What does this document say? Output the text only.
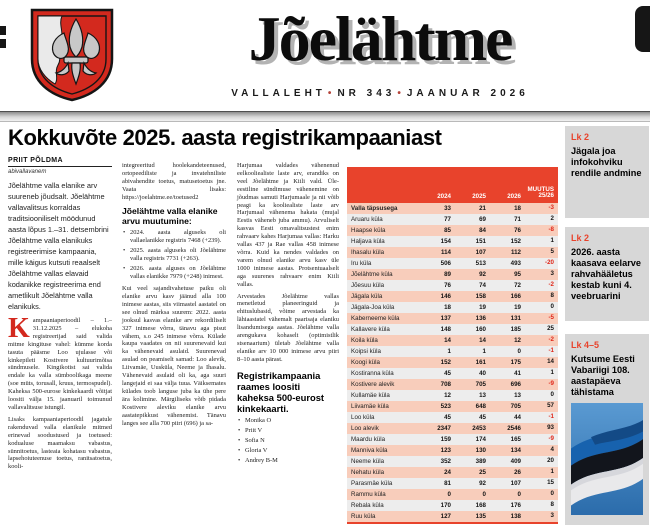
Jõelähtme
VALLALEHT • NR 343 • JAANUAR 2026
Kokkuvõte 2025. aasta registrikampaaniast
PRIIT PÕLDMA
abivallavanem

Jõelähtme valla elanike arv suureneb jõudsalt. Jõelähtme vallavalitsus korraldas traditsiooniliselt möödunud aasta lõpus 1.–31. detsembrini Jõelähtme valla elanikuks registreerimise kampaania, mille käigus kutsuti reaalselt Jõelähtme vallas elavaid kodanikke registreerima end ametlikult Jõelähtme valla elanikuks.

Kampaaniaperioodil – 1.–31.12.2025 – elukoha registreerijad said valida mitme kingituse vahel: kümme korda tasuta pääsme Loo ujulasse või kinkepileti Kostivere kultuurimõisa sündmusele. Kingikotist sai valida endale ka valla sümboolikaga meene (soe müts, torusall, kruus, termospudel). Kaheksa 500-eurose kinkekaardi võitjat loositi välja 15. jaanuaril toimunud vallavalitsuse istungil.

Lisaks kampaaniaperioodil jagatule rakenduvad valla elanikule mitmed erinevad soodustused ja toetused: kodualuse maamaksu vabastus, sünnitoetus, lasteaia kohatasu vabastus, lapsehoiuteenuse toetus, ranitsatoetus, kooli-

integreeritud hoolekandeteenused, ortopeediliste ja invatehniliste abivahendite toetus, matusetoetus jne. Vaata lisaks: https://joelahtme.ee/toetused2

Jõelähtme valla elanike arvu muutumine:
• 2024. aasta alguseks oli vallaelanikke registris 7468 (+239).
• 2025. aasta alguseks oli Jõelähtme valla registris 7731 (+263).
• 2026. aasta alguses on Jõelähtme vallas elanikke 7979 (+248) inimest.

Kui veel sajandivahetuse paiku oli elanike arvu kasv jäänud alla 100 inimese aastas, siis viimastel aastatel on see olnud märksa suurem: 2022. aasta jooksul kasvas elanike arv rekordiliselt 327 inimese võrra, tänavu aga pisut vähem, s.o 245 inimese võrra. Külade kaupa vaadates on nii suurenevaid kui ka vähenevaid asulaid. Suurenevad asulad on peamiselt samad: Loo alevik, Liivamäe, Uusküla, Neeme ja Ihasalu. Vähenevaid asulaid oli ka, aga suuri langejaid ei saa välja tuua. Väiksemates külades toob languse juba ka ühe pere ära kolimine. Märgiliseks võib pidada Kostivere aleviku elanike arvu aastatepikkust vähenemist. Tänavu langes see alla 700 piiri (696) ja sa-

Harjumaa valdades vähenenud eelkooliealiste laste arv, erandiks on veel Jõelähtme ja Kiili vald. Üle-eestiline sündimuse vähenemine on jõudmas samuti Harjumaale ja nii võib peagi ka kooliealiste laste arv Harjumaal vähenema hakata (mujal Eestis väheneb juba ammu). Arvuliselt kasvas Eesti omavalitsustest enim rahvaarv kahes Harjumaa vallas: Harku vallas 437 ja Rae vallas 458 inimese võrra. Kuid ka nendes valdades on varem olnud elanike arvu kasv üle 1000 inimese aastas. Protsentuaalselt aga suurenes rahvaarv enim Kiili vallas.

Arvestades Jõelähtme vallas menetletud planeeringuid ja ehituslubasid, võime arvestada ka lähiaastatel vähemalt paarisaja elaniku lisandumisega aastas. Jõelähtme valla arengukava kohaselt (optimistlik stsenaarium) ületab Jõelähtme valla elanike arv 10 000 inimese arvu piiri 8–10 aasta pärast.

Registrikampaania raames loositi kaheksa 500-eurost kinkekaarti.
• Monika O
• Priit V
• Sofia N
• Gloria V
• Andrey B-M
2024	2025	2026
MUUTUS 25/26
Valla täpsusega	33	21	18	-3
Aruaru küla	77	69	71	2
Haapse küla	85	84	76	-8
Haljava küla	154	151	152	1
Ihasalu küla	114	107	112	5
Iru küla	506	513	493	-20
Jõelähtme küla	89	92	95	3
Jõesuu küla	76	74	72	-2
Jägala küla	146	158	166	8
Jägala-Joa küla	18	19	19	0
Kaberneeme küla	137	136	131	-5
Kallavere küla	148	160	185	25
Koila küla	14	14	12	-2
Koipsi küla	1	1	0	-1
Koogi küla	152	161	175	14
Kostiranna küla	45	40	41	1
Kostivere alevik	708	705	696	-9
Kullamäe küla	12	13	13	0
Liivamäe küla	523	648	705	57
Loo küla	45	45	44	-1
Loo alevik	2347	2453	2546	93
Maardu küla	159	174	165	-9
Manniva küla	123	130	134	4
Neeme küla	352	389	409	20
Nehatu küla	24	25	26	1
Parasmäe küla	81	92	107	15
Rammu küla	0	0	0	0
Rebala küla	170	168	176	8
Ruu küla	127	135	138	3
Lk 2
Jägala joa infokohviku rendile andmine
Lk 2
2026. aasta kaasava eelarve rahvahääletus kestab kuni 4. veebruarini
Lk 4–5
Kutsume Eesti Vabariigi 108. aastapäeva tähistama
